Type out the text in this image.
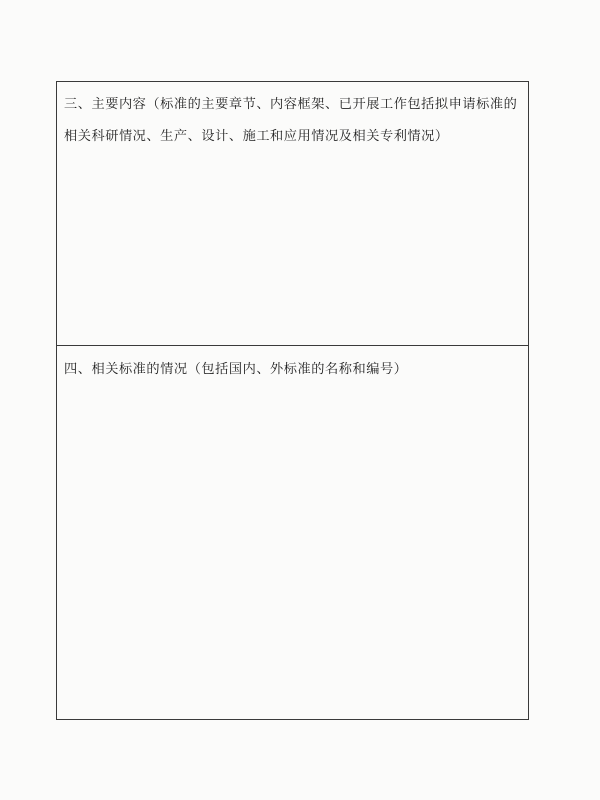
三、主要内容（标准的主要章节、内容框架、已开展工作包括拟申请标准的
相关科研情况、生产、设计、施工和应用情况及相关专利情况）
四、相关标准的情况（包括国内、外标准的名称和编号）
